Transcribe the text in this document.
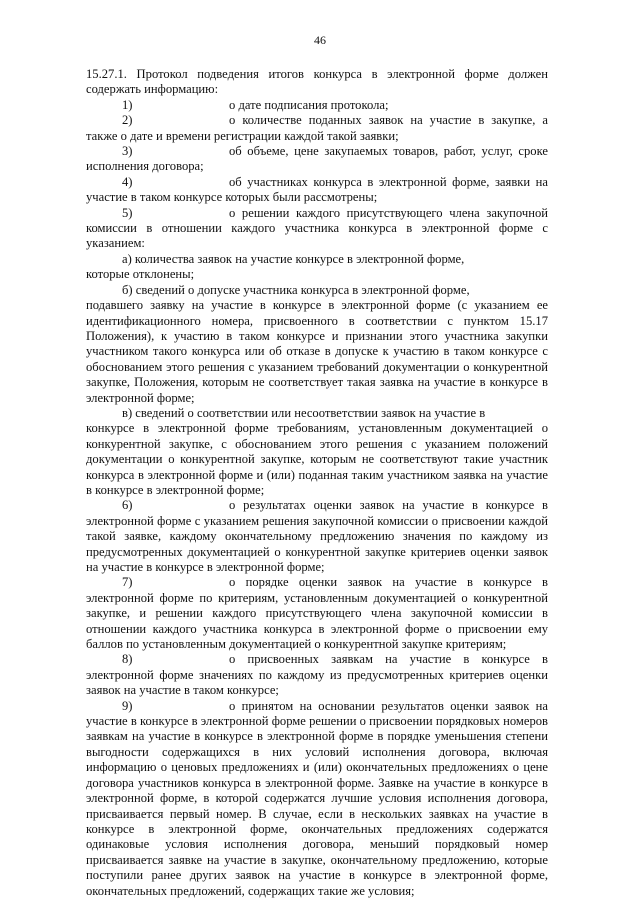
46

15.27.1. Протокол подведения итогов конкурса в электронной форме должен содержать информацию:

1)	о дате подписания протокола;

2)	о количестве поданных заявок на участие в закупке, а также о дате и времени регистрации каждой такой заявки;

3)	об объеме, цене закупаемых товаров, работ, услуг, сроке исполнения договора;

4)	об участниках конкурса в электронной форме, заявки на участие в таком конкурсе которых были рассмотрены;

5)	о решении каждого присутствующего члена закупочной комиссии в отношении каждого участника конкурса в электронной форме с указанием:

а) количества заявок на участие конкурсе в электронной форме,

которые отклонены;

б) сведений о допуске участника конкурса в электронной форме,

подавшего заявку на участие в конкурсе в электронной форме (с указанием ее идентификационного номера, присвоенного в соответствии с пунктом 15.17 Положения), к участию в таком конкурсе и признании этого участника закупки участником такого конкурса или об отказе в допуске к участию в таком конкурсе с обоснованием этого решения с указанием требований документации о конкурентной закупке, Положения, которым не соответствует такая заявка на участие в конкурсе в электронной форме;

в) сведений о соответствии или несоответствии заявок на участие в

конкурсе в электронной форме требованиям, установленным документацией о конкурентной закупке, с обоснованием этого решения с указанием положений документации о конкурентной закупке, которым не соответствуют такие участник конкурса в электронной форме и (или) поданная таким участником заявка на участие в конкурсе в электронной форме;

6)	о результатах оценки заявок на участие в конкурсе в электронной форме с указанием решения закупочной комиссии о присвоении каждой такой заявке, каждому окончательному предложению значения по каждому из предусмотренных документацией о конкурентной закупке критериев оценки заявок на участие в конкурсе в электронной форме;

7)	о порядке оценки заявок на участие в конкурсе в электронной форме по критериям, установленным документацией о конкурентной закупке, и решении каждого присутствующего члена закупочной комиссии в отношении каждого участника конкурса в электронной форме о присвоении ему баллов по установленным документацией о конкурентной закупке критериям;

8)	о присвоенных заявкам на участие в конкурсе в электронной форме значениях по каждому из предусмотренных критериев оценки заявок на участие в таком конкурсе;

9)	о принятом на основании результатов оценки заявок на участие в конкурсе в электронной форме решении о присвоении порядковых номеров заявкам на участие в конкурсе в электронной форме в порядке уменьшения степени выгодности содержащихся в них условий исполнения договора, включая информацию о ценовых предложениях и (или) окончательных предложениях о цене договора участников конкурса в электронной форме. Заявке на участие в конкурсе в электронной форме, в которой содержатся лучшие условия исполнения договора, присваивается первый номер. В случае, если в нескольких заявках на участие в конкурсе в электронной форме, окончательных предложениях содержатся одинаковые условия исполнения договора, меньший порядковый номер присваивается заявке на участие в закупке, окончательному предложению, которые поступили ранее других заявок на участие в конкурсе в электронной форме, окончательных предложений, содержащих такие же условия;
